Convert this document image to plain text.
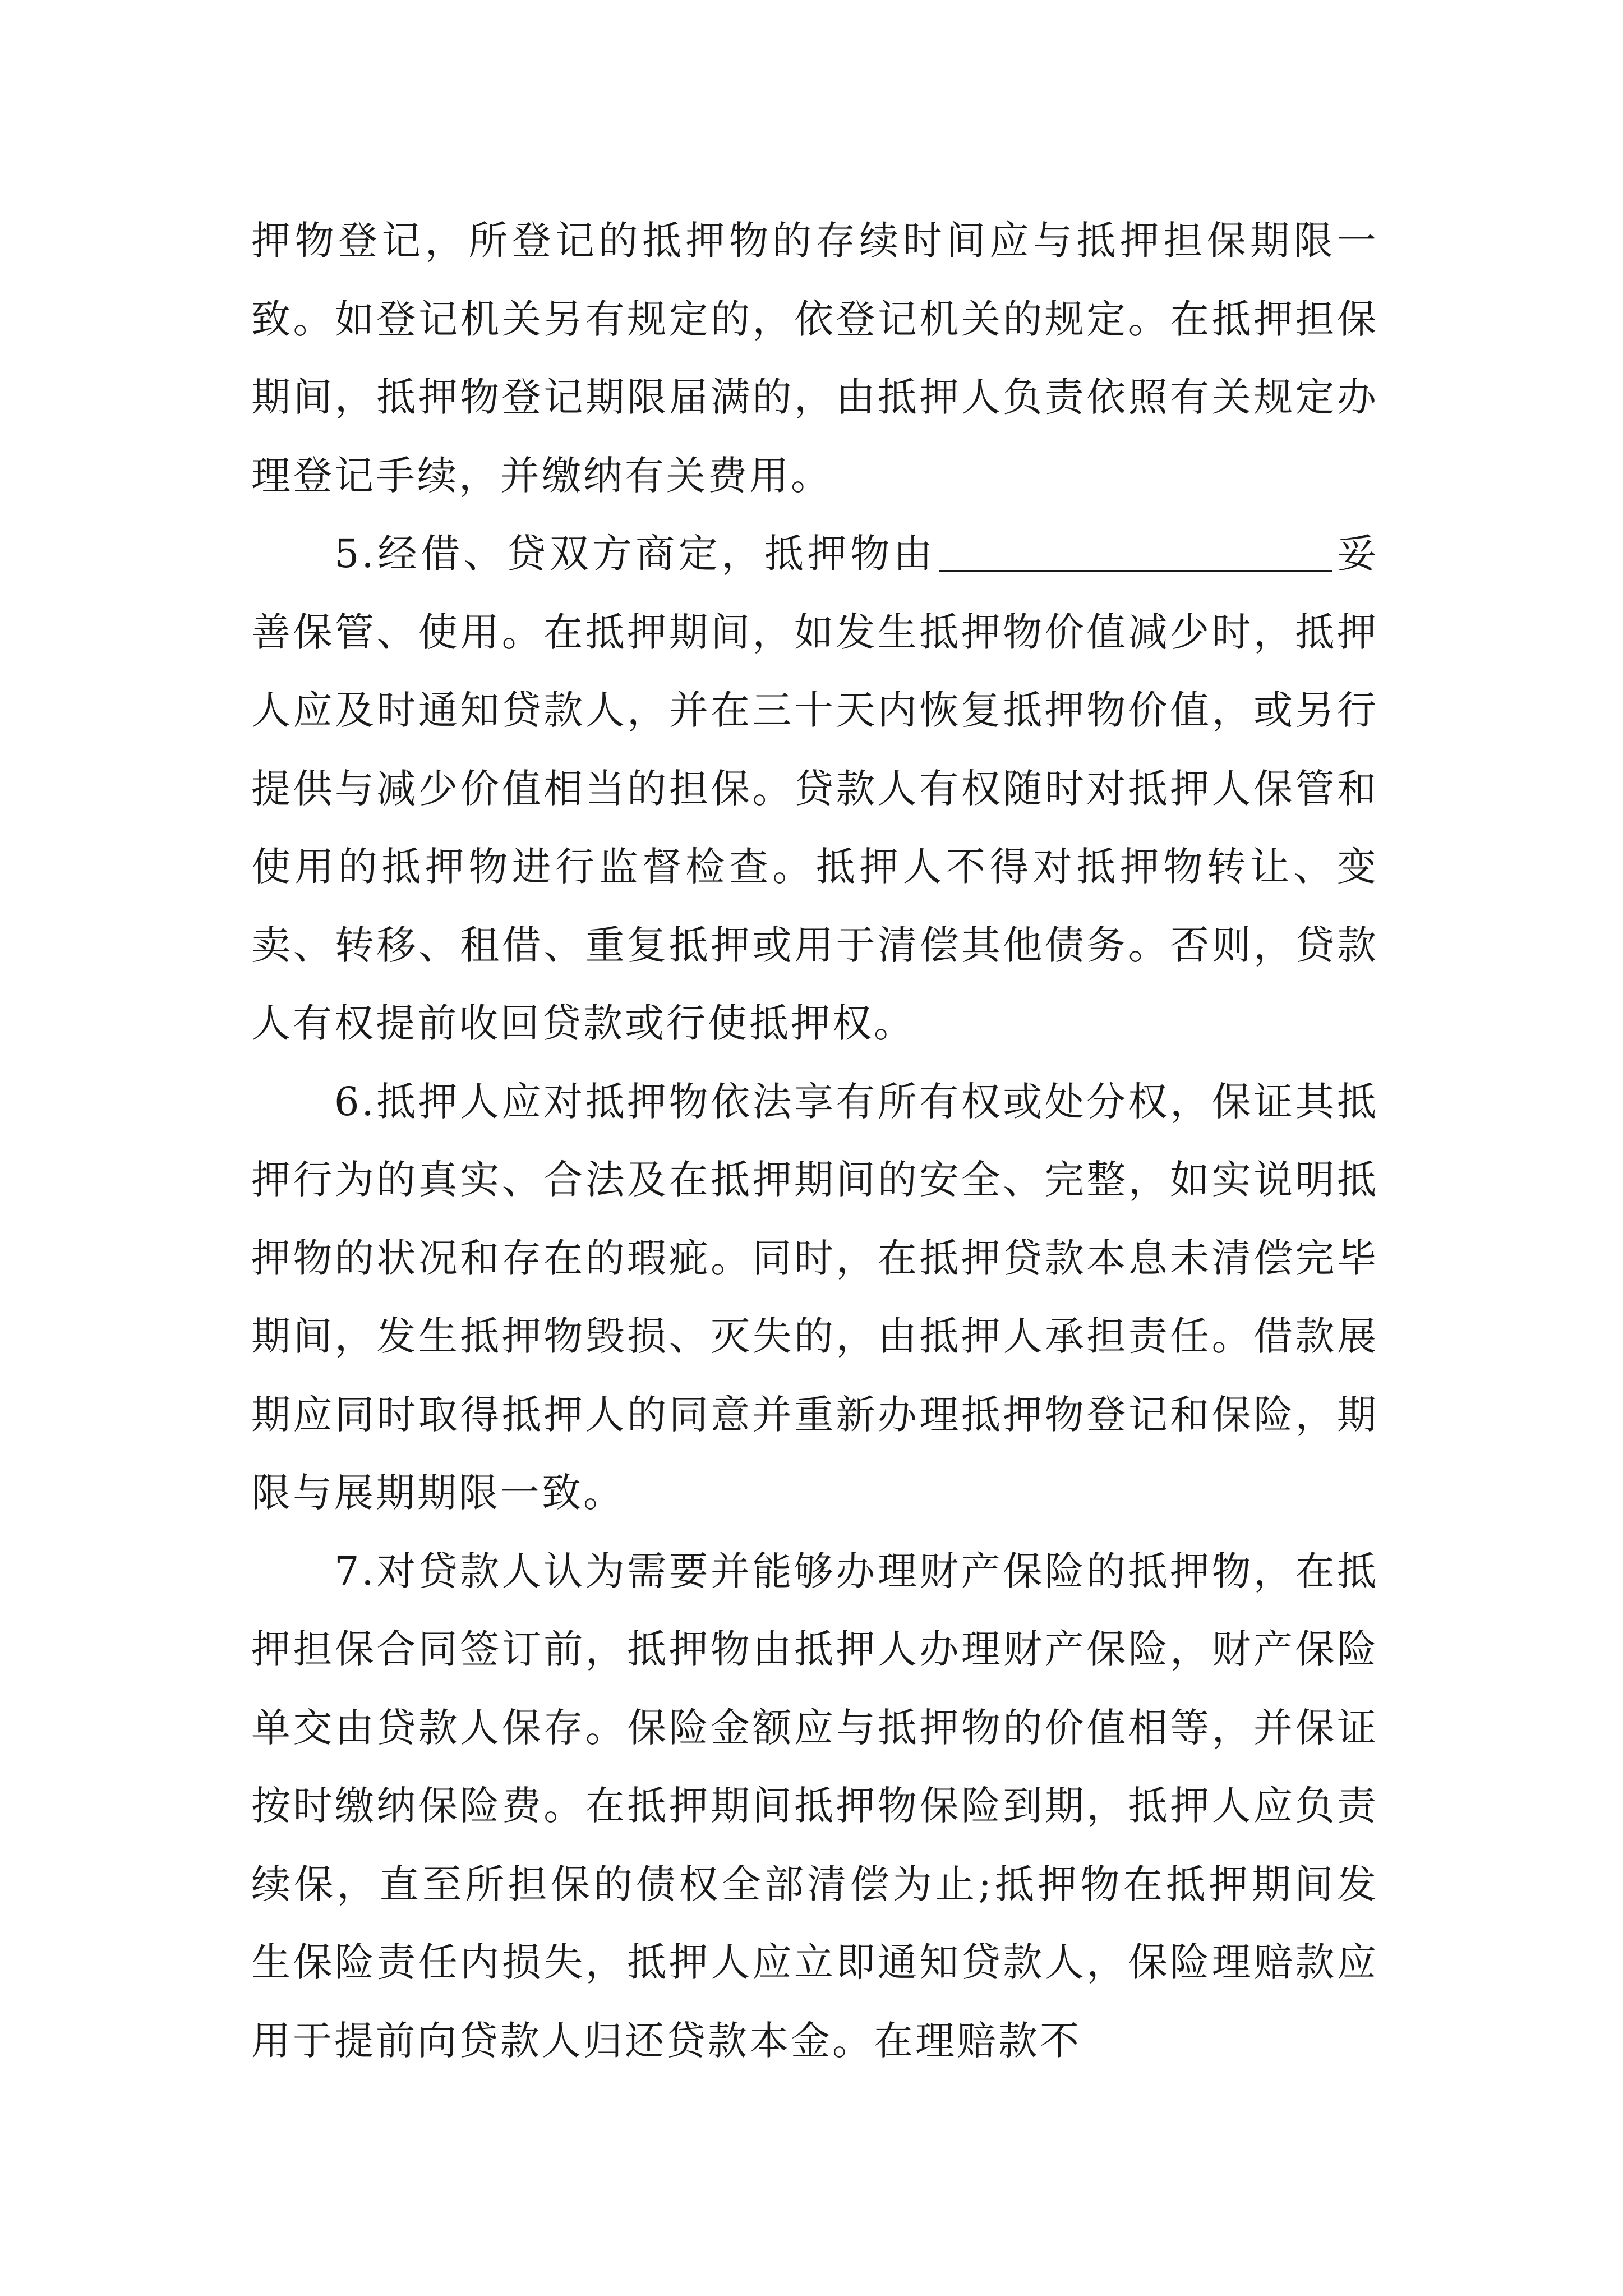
押物登记，所登记的抵押物的存续时间应与抵押担保期限一致。如登记机关另有规定的，依登记机关的规定。在抵押担保期间，抵押物登记期限届满的，由抵押人负责依照有关规定办理登记手续，并缴纳有关费用。

5.经借、贷双方商定，抵押物由	妥善保管、使用。在抵押期间，如发生抵押物价值减少时，抵押人应及时通知贷款人，并在三十天内恢复抵押物价值，或另行提供与减少价值相当的担保。贷款人有权随时对抵押人保管和使用的抵押物进行监督检查。抵押人不得对抵押物转让、变卖、转移、租借、重复抵押或用于清偿其他债务。否则，贷款人有权提前收回贷款或行使抵押权。

6.抵押人应对抵押物依法享有所有权或处分权，保证其抵押行为的真实、合法及在抵押期间的安全、完整，如实说明抵押物的状况和存在的瑕疵。同时，在抵押贷款本息未清偿完毕期间，发生抵押物毁损、灭失的，由抵押人承担责任。借款展期应同时取得抵押人的同意并重新办理抵押物登记和保险，期限与展期期限一致。

7.对贷款人认为需要并能够办理财产保险的抵押物，在抵押担保合同签订前，抵押物由抵押人办理财产保险，财产保险单交由贷款人保存。保险金额应与抵押物的价值相等，并保证按时缴纳保险费。在抵押期间抵押物保险到期，抵押人应负责续保，直至所担保的债权全部清偿为止;抵押物在抵押期间发生保险责任内损失，抵押人应立即通知贷款人，保险理赔款应用于提前向贷款人归还贷款本金。在理赔款不
